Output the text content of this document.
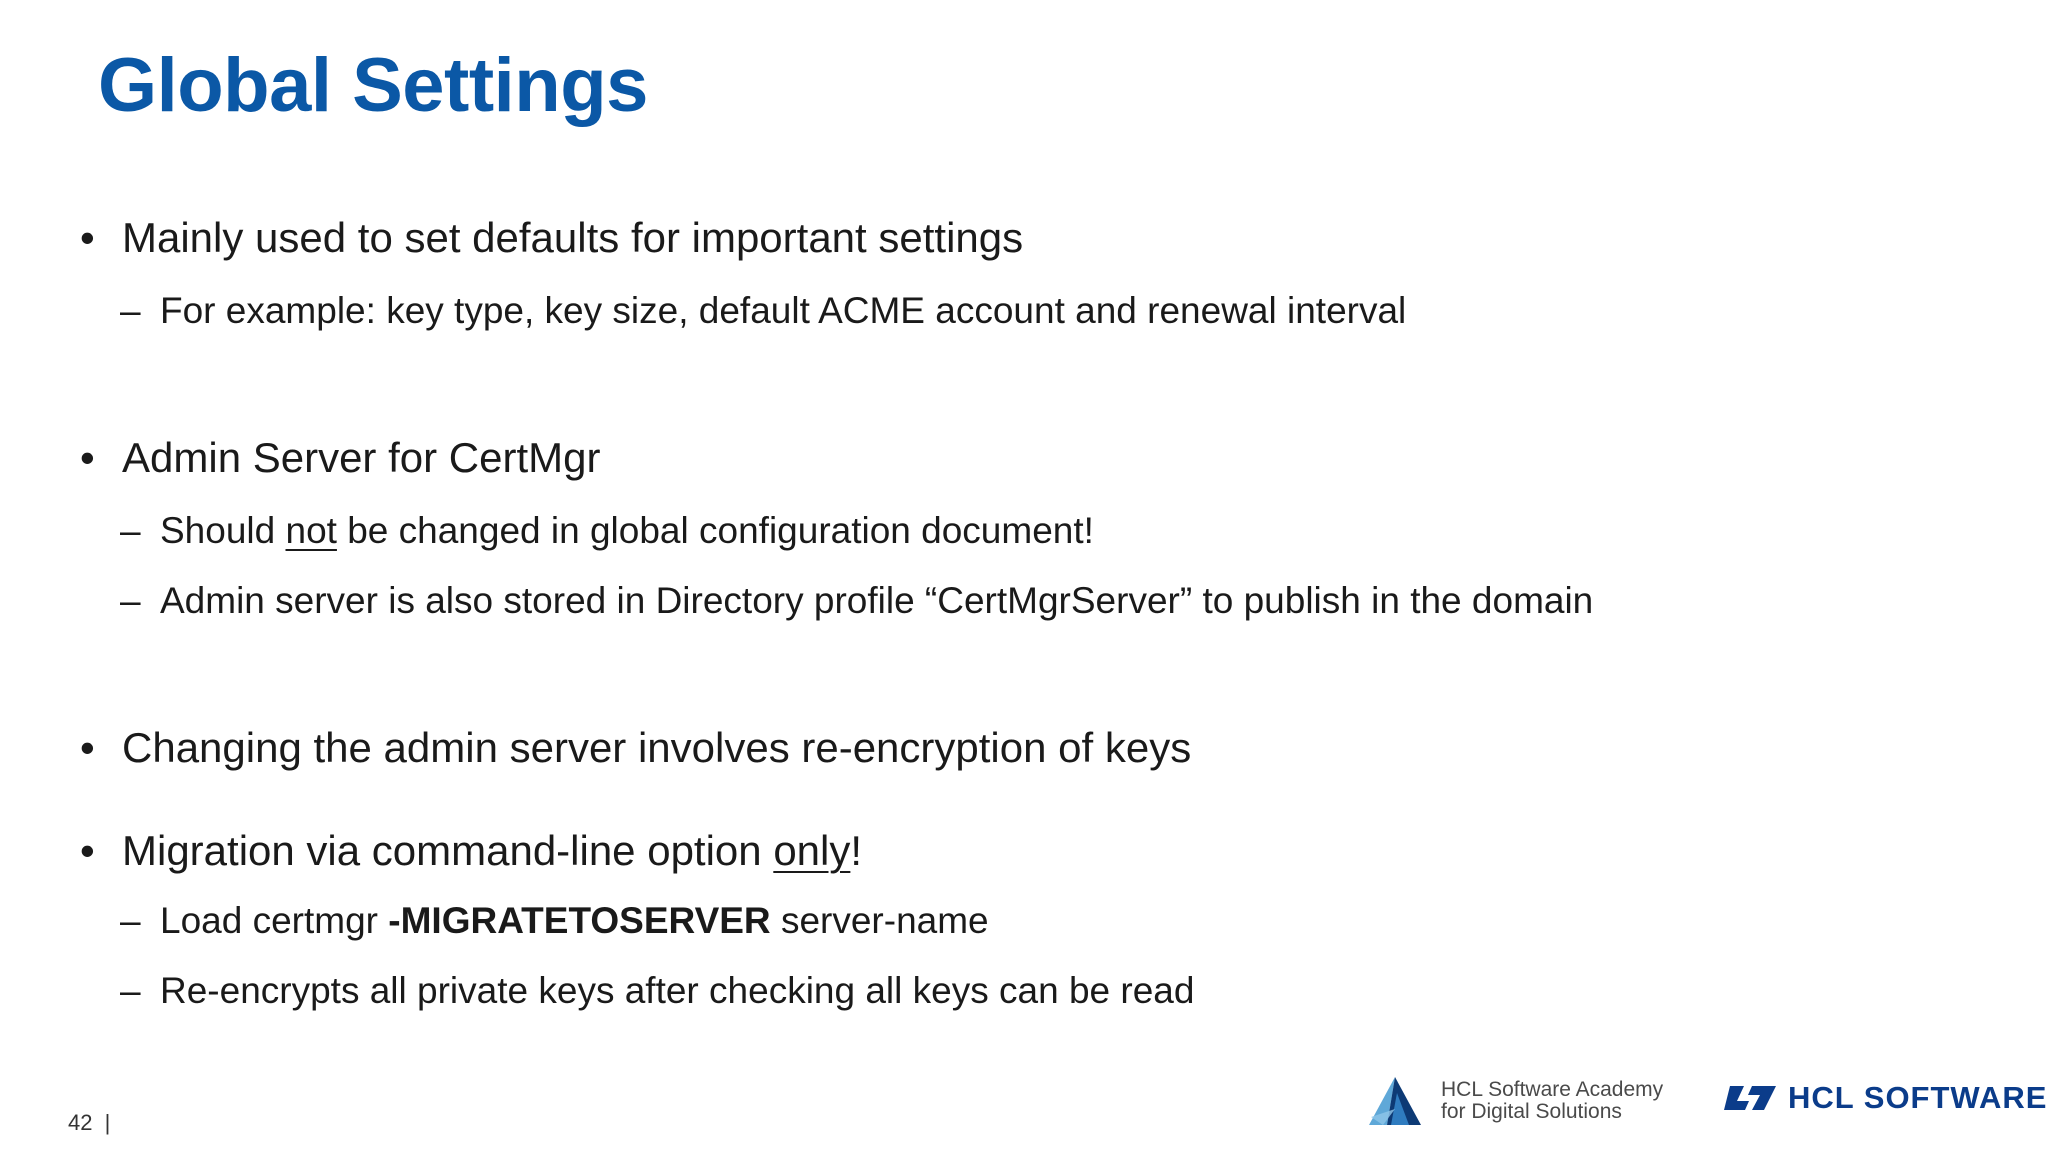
Global Settings
• Mainly used to set defaults for important settings
– For example: key type, key size, default ACME account and renewal interval
• Admin Server for CertMgr
– Should not be changed in global configuration document!
– Admin server is also stored in Directory profile “CertMgrServer” to publish in the domain
• Changing the admin server involves re-encryption of keys
• Migration via command-line option only!
– Load certmgr -MIGRATETOSERVER server-name
– Re-encrypts all private keys after checking all keys can be read
42 |
HCL Software Academy
for Digital Solutions	HCL SOFTWARE
